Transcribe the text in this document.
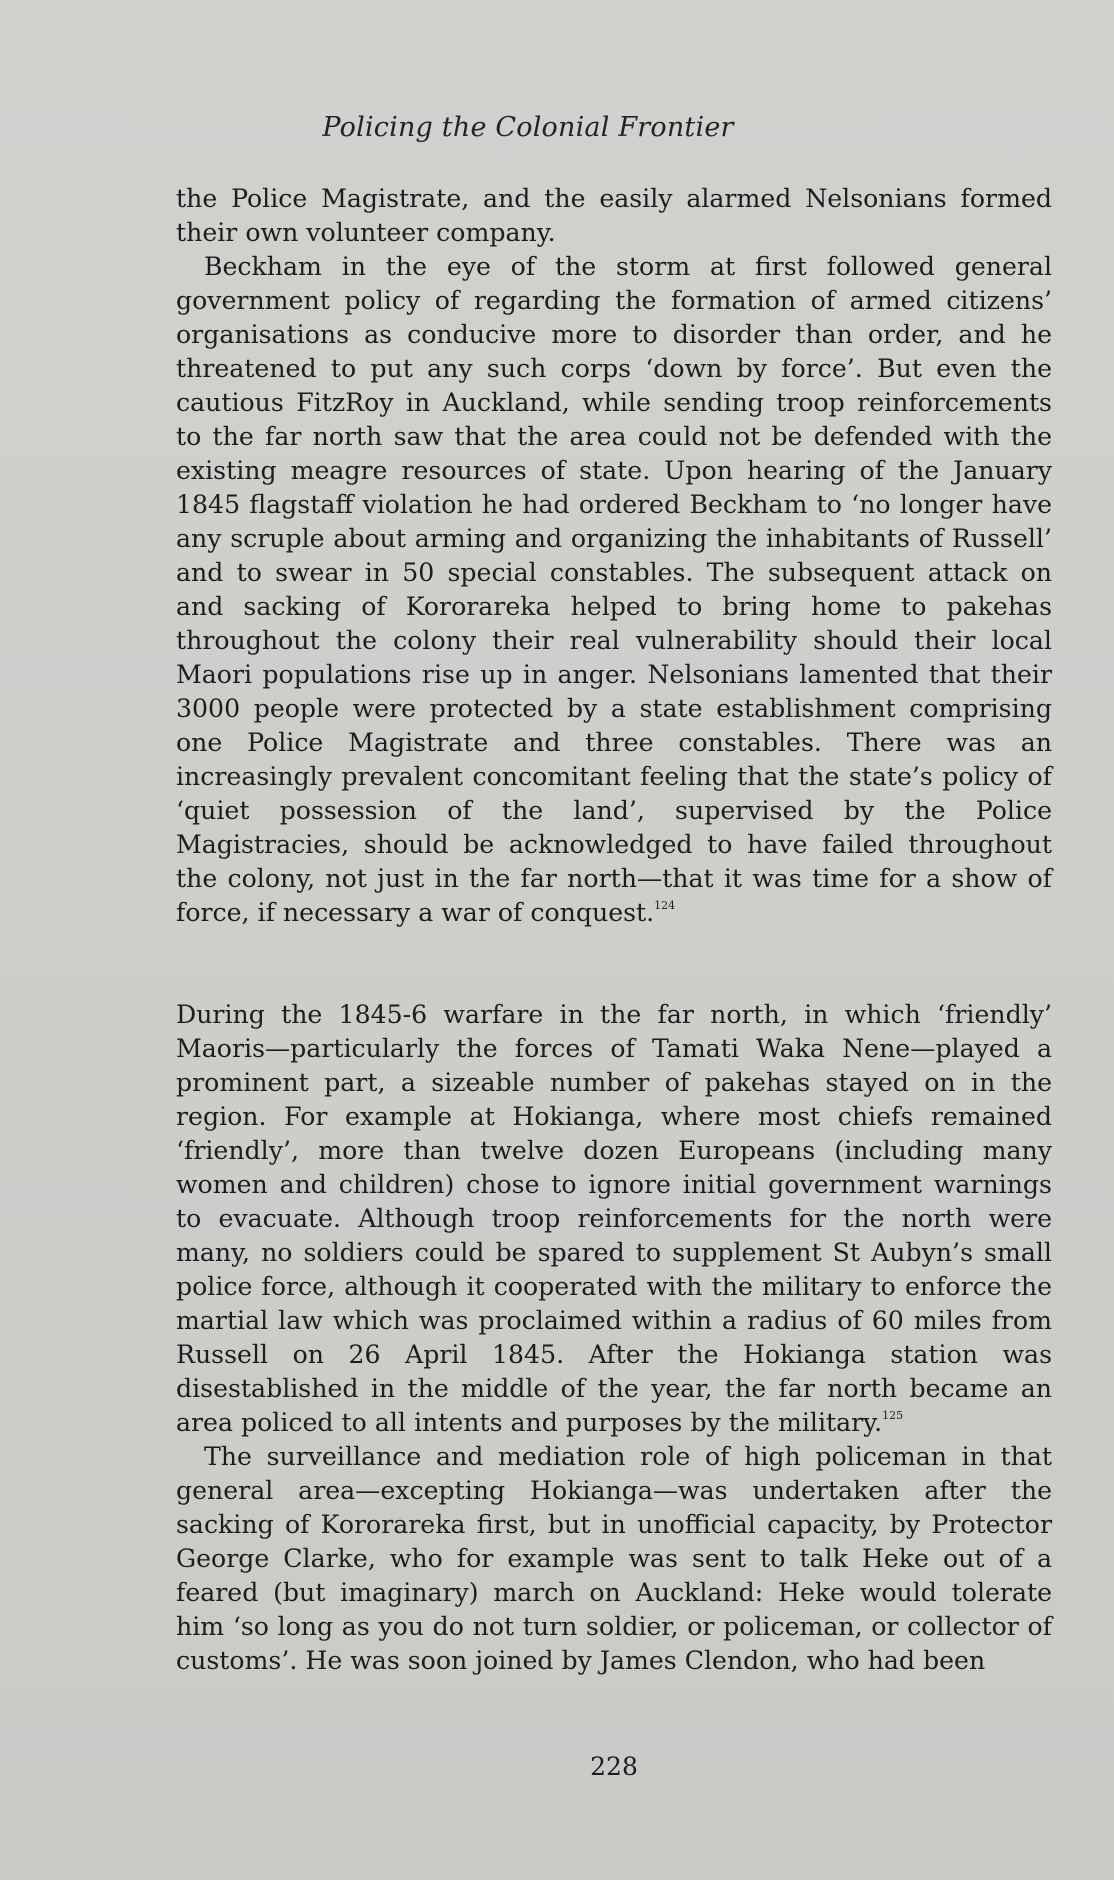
Policing the Colonial Frontier

the Police Magistrate, and the easily alarmed Nelsonians formed their own volunteer company.

Beckham in the eye of the storm at first followed general government policy of regarding the formation of armed citizens’ organisations as conducive more to disorder than order, and he threatened to put any such corps ‘down by force’. But even the cautious FitzRoy in Auckland, while sending troop reinforcements to the far north saw that the area could not be defended with the existing meagre resources of state. Upon hearing of the January 1845 flagstaff violation he had ordered Beckham to ‘no longer have any scruple about arming and organizing the inhabitants of Russell’ and to swear in 50 special constables. The subsequent attack on and sacking of Kororareka helped to bring home to pakehas throughout the colony their real vulnerability should their local Maori populations rise up in anger. Nelsonians lamented that their 3000 people were protected by a state establishment comprising one Police Magistrate and three constables. There was an increasingly prevalent concomitant feeling that the state’s policy of ‘quiet possession of the land’, supervised by the Police Magistracies, should be acknowledged to have failed throughout the colony, not just in the far north—that it was time for a show of force, if necessary a war of conquest.$^{124}$

During the 1845-6 warfare in the far north, in which ‘friendly’ Maoris—particularly the forces of Tamati Waka Nene—played a prominent part, a sizeable number of pakehas stayed on in the region. For example at Hokianga, where most chiefs remained ‘friendly’, more than twelve dozen Europeans (including many women and children) chose to ignore initial government warnings to evacuate. Although troop reinforcements for the north were many, no soldiers could be spared to supplement St Aubyn’s small police force, although it cooperated with the military to enforce the martial law which was proclaimed within a radius of 60 miles from Russell on 26 April 1845. After the Hokianga station was disestablished in the middle of the year, the far north became an area policed to all intents and purposes by the military.$^{125}$

The surveillance and mediation role of high policeman in that general area—excepting Hokianga—was undertaken after the sacking of Kororareka first, but in unofficial capacity, by Protector George Clarke, who for example was sent to talk Heke out of a feared (but imaginary) march on Auckland: Heke would tolerate him ‘so long as you do not turn soldier, or policeman, or collector of customs’. He was soon joined by James Clendon, who had been

228
